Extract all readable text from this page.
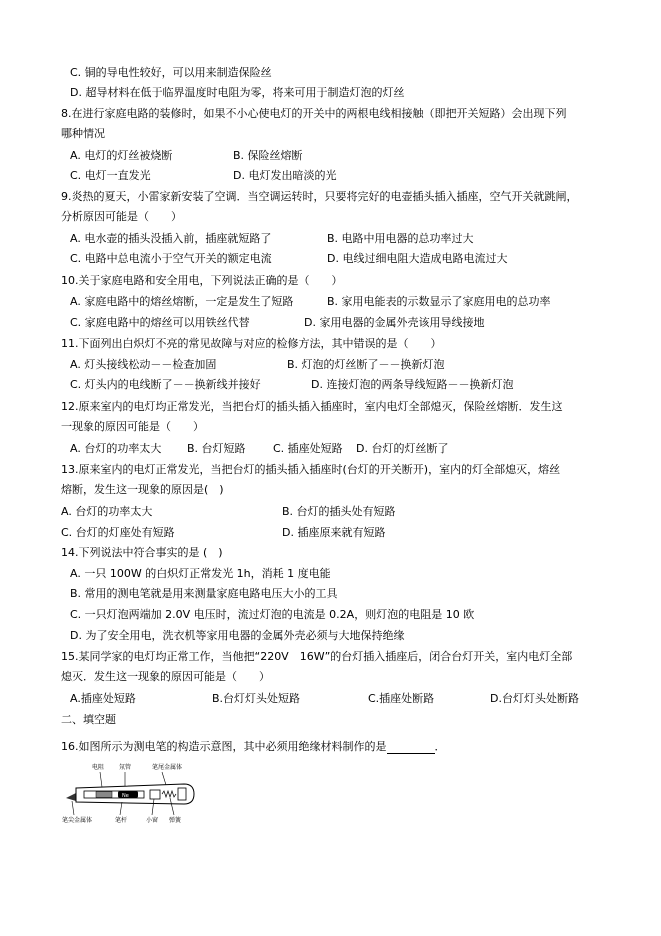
C. 铜的导电性较好，可以用来制造保险丝
D. 超导材料在低于临界温度时电阻为零，将来可用于制造灯泡的灯丝
8.在进行家庭电路的装修时，如果不小心使电灯的开关中的两根电线相接触（即把开关短路）会出现下列
哪种情况
A. 电灯的灯丝被烧断	B. 保险丝熔断
C. 电灯一直发光	D. 电灯发出暗淡的光
9.炎热的夏天，小雷家新安装了空调．当空调运转时，只要将完好的电壶插头插入插座，空气开关就跳闸，
分析原因可能是（　　）
A. 电水壶的插头没插入前，插座就短路了	B. 电路中用电器的总功率过大
C. 电路中总电流小于空气开关的额定电流	D. 电线过细电阻大造成电路电流过大
10.关于家庭电路和安全用电，下列说法正确的是（　　）
A. 家庭电路中的熔丝熔断，一定是发生了短路	B. 家用电能表的示数显示了家庭用电的总功率
C. 家庭电路中的熔丝可以用铁丝代替	D. 家用电器的金属外壳该用导线接地
11.下面列出白炽灯不亮的常见故障与对应的检修方法，其中错误的是（　　）
A. 灯头接线松动－－检查加固	B. 灯泡的灯丝断了－－换新灯泡
C. 灯头内的电线断了－－换新线并接好	D. 连接灯泡的两条导线短路－－换新灯泡
12.原来室内的电灯均正常发光，当把台灯的插头插入插座时，室内电灯全部熄灭，保险丝熔断．发生这
一现象的原因可能是（　　）
A. 台灯的功率太大 B. 台灯短路 C. 插座处短路 D. 台灯的灯丝断了
13.原来室内的电灯正常发光，当把台灯的插头插入插座时(台灯的开关断开)，室内的灯全部熄灭，熔丝
熔断，发生这一现象的原因是(　)
A. 台灯的功率太大	B. 台灯的插头处有短路
C. 台灯的灯座处有短路	D. 插座原来就有短路
14.下列说法中符合事实的是 (　)
A. 一只 100W 的白炽灯正常发光 1h，消耗 1 度电能
B. 常用的测电笔就是用来测量家庭电路电压大小的工具
C. 一只灯泡两端加 2.0V 电压时，流过灯泡的电流是 0.2A，则灯泡的电阻是 10 欧
D. 为了安全用电，洗衣机等家用电器的金属外壳必须与大地保持绝缘
15.某同学家的电灯均正常工作，当他把“220V　16W”的台灯插入插座后，闭合台灯开关，室内电灯全部
熄灭．发生这一现象的原因可能是（　　）
A.插座处短路	B.台灯灯头处短路	C.插座处断路	D.台灯灯头处断路
二、填空题
16.如图所示为测电笔的构造示意图，其中必须用绝缘材料制作的是	．
Ne
电阻 氖管	笔尾金属体
笔尖金属体	笔杆	小窗 弹簧
